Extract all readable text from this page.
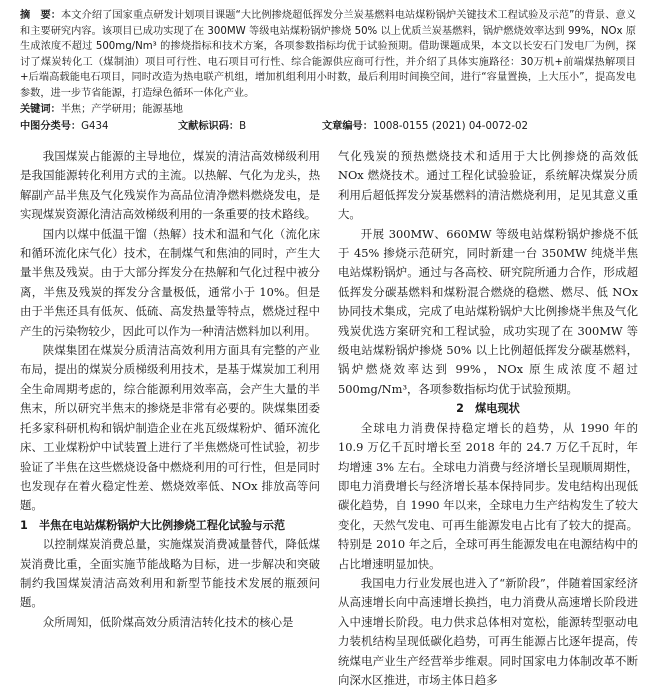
摘　要：本文介绍了国家重点研发计划项目课题“大比例掺烧超低挥发分兰炭基燃料电站煤粉锅炉关键技术工程试验及示范”的背景、意义和主要研究内容。该项目已成功实现了在 300MW 等级电站煤粉锅炉掺烧 50% 以上优质兰炭基燃料，锅炉燃烧效率达到 99%，NOx 原生成浓度不超过 500mg/Nm³ 的掺烧指标和技术方案，各项参数指标均优于试验预期。借助课题成果，本文以长安石门发电厂为例，探讨了煤炭转化工（煤制油）项目可行性、电石项目可行性、综合能源供应商可行性，并介绍了具体实施路径：30万机+前端煤热解项目+后端高载能电石项目，同时改造为热电联产机组，增加机组利用小时数，最后利用时间换空间，进行“容量置换，上大压小”，提高发电参数，进一步节省能源，打造绿色循环一体化产业。
关键词：半焦；产学研用；能源基地
中图分类号：G434	文献标识码：B	文章编号：1008-0155 (2021) 04-0072-02

我国煤炭占能源的主导地位，煤炭的清洁高效梯级利用是我国能源转化利用方式的主流。以热解、气化为龙头，热解副产品半焦及气化残炭作为高品位清净燃料燃烧发电，是实现煤炭资源化清洁高效梯级利用的一条重要的技术路线。

国内以煤中低温干馏（热解）技术和温和气化（流化床和循环流化床气化）技术，在制煤气和焦油的同时，产生大量半焦及残炭。由于大部分挥发分在热解和气化过程中被分离，半焦及残炭的挥发分含量极低，通常小于 10%。但是由于半焦还具有低灰、低硫、高发热量等特点，燃烧过程中产生的污染物较少，因此可以作为一种清洁燃料加以利用。

陕煤集团在煤炭分质清洁高效利用方面具有完整的产业布局，提出的煤炭分质梯级利用技术，是基于煤炭加工利用全生命周期考虑的，综合能源利用效率高，会产生大量的半焦末，所以研究半焦末的掺烧是非常有必要的。陕煤集团委托多家科研机构和锅炉制造企业在兆瓦级煤粉炉、循环流化床、工业煤粉炉中试装置上进行了半焦燃烧可性试验，初步验证了半焦在这些燃烧设备中燃烧利用的可行性，但是同时也发现存在着火稳定性差、燃烧效率低、NOx 排放高等问题。

1　半焦在电站煤粉锅炉大比例掺烧工程化试验与示范

以控制煤炭消费总量，实施煤炭消费减量替代，降低煤炭消费比重，全面实施节能战略为目标，进一步解决和突破制约我国煤炭清洁高效利用和新型节能技术发展的瓶颈问题。

众所周知，低阶煤高效分质清洁转化技术的核心是

气化残炭的预热燃烧技术和适用于大比例掺烧的高效低 NOx 燃烧技术。通过工程化试验验证，系统解决煤炭分质利用后超低挥发分炭基燃料的清洁燃烧利用，足见其意义重大。

开展 300MW、660MW 等级电站煤粉锅炉掺烧不低于 45% 掺烧示范研究，同时新建一台 350MW 纯烧半焦电站煤粉锅炉。通过与各高校、研究院所通力合作，形成超低挥发分碳基燃料和煤粉混合燃烧的稳燃、燃尽、低 NOx 协同技术集成，完成了电站煤粉锅炉大比例掺烧半焦及气化残炭优选方案研究和工程试验，成功实现了在 300MW 等级电站煤粉锅炉掺烧 50% 以上比例超低挥发分碳基燃料，锅炉燃烧效率达到 99%，NOx 原生成浓度不超过 500mg/Nm³，各项参数指标均优于试验预期。

2　煤电现状

全球电力消费保持稳定增长的趋势，从 1990 年的 10.9 万亿千瓦时增长至 2018 年的 24.7 万亿千瓦时，年均增速 3% 左右。全球电力消费与经济增长呈现顺周期性，即电力消费增长与经济增长基本保持同步。发电结构出现低碳化趋势，自 1990 年以来，全球电力生产结构发生了较大变化，天然气发电、可再生能源发电占比有了较大的提高。特别是 2010 年之后，全球可再生能源发电在电源结构中的占比增速明显加快。

我国电力行业发展也进入了“新阶段”，伴随着国家经济从高速增长向中高速增长换挡，电力消费从高速增长阶段进入中速增长阶段。电力供求总体相对宽松，能源转型驱动电力装机结构呈现低碳化趋势，可再生能源占比逐年提高，传统煤电产业生产经营举步维艰。同时国家电力体制改革不断向深水区推进，市场主体日趋多
